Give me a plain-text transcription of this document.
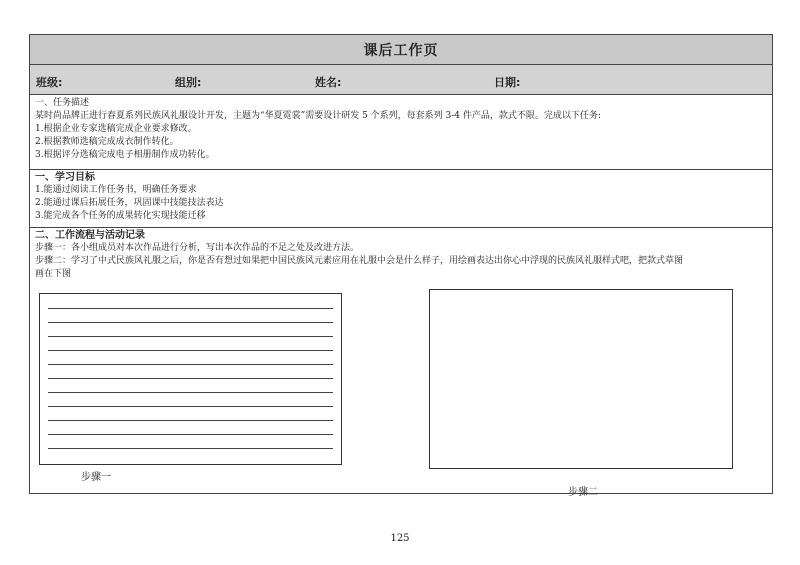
课后工作页
班级:	组别:	姓名:	日期:
一、任务描述
某时尚品牌正进行春夏系列民族风礼服设计开发，主题为“华夏霓裳”需要设计研发 5 个系列，每套系列 3-4 件产品，款式不限。完成以下任务:
1.根据企业专家选稿完成企业要求修改。
2.根据教师选稿完成成衣制作转化。
3.根据评分选稿完成电子相册制作成功转化。
一、学习目标
1.能通过阅读工作任务书，明确任务要求
2.能通过课后拓展任务，巩固课中技能技法表达
3.能完成各个任务的成果转化实现技能迁移
二、工作流程与活动记录
步骤一：各小组成员对本次作品进行分析，写出本次作品的不足之处及改进方法。
步骤二：学习了中式民族风礼服之后，你是否有想过如果把中国民族风元素应用在礼服中会是什么样子，用绘画表达出你心中浮现的民族风礼服样式吧，把款式草图
画在下图
步骤一
步骤二
125
